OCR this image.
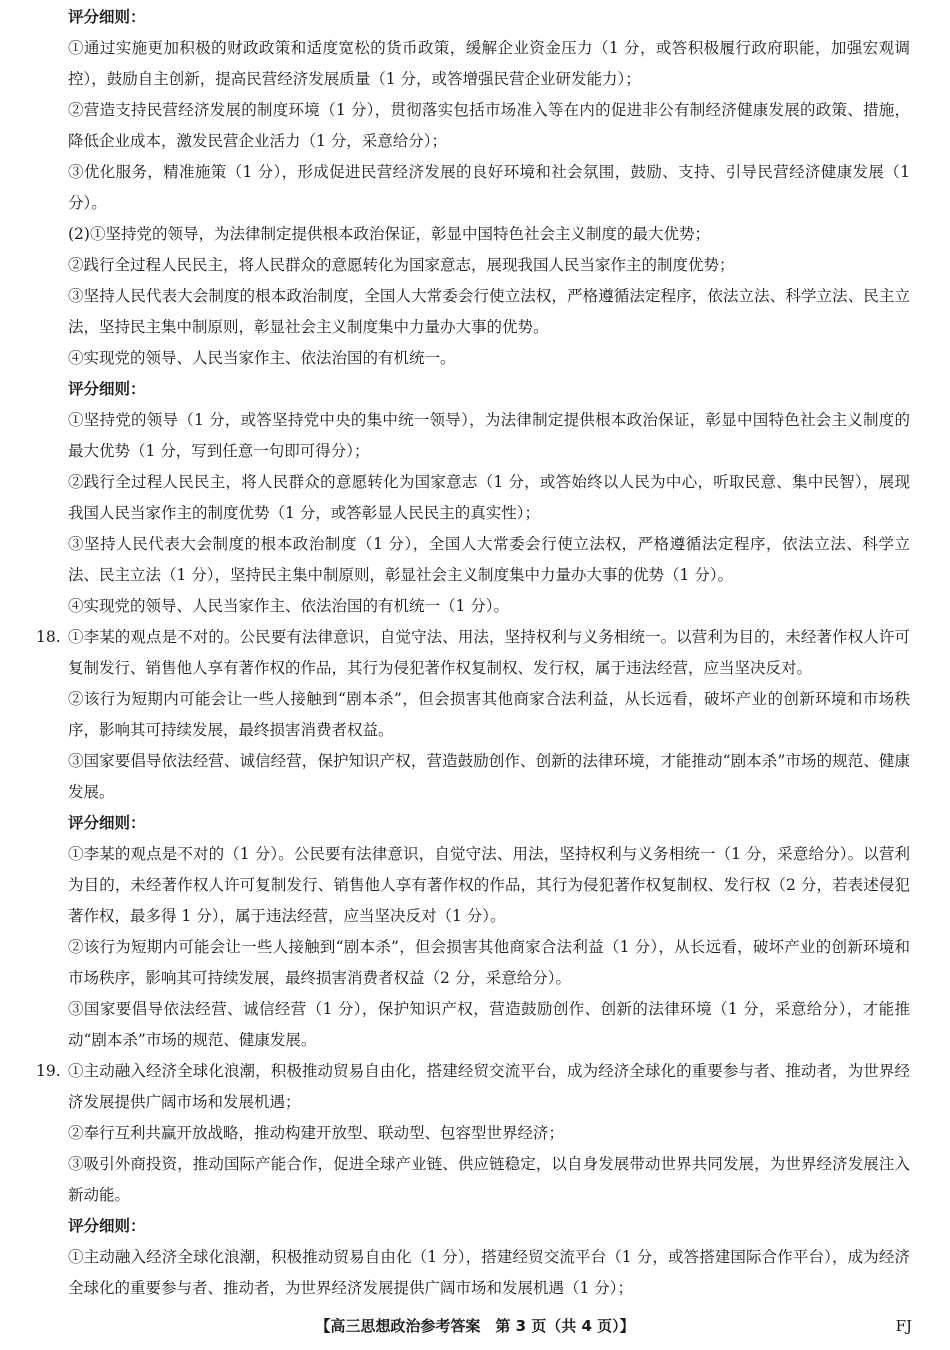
评分细则：

①通过实施更加积极的财政政策和适度宽松的货币政策，缓解企业资金压力（1 分，或答积极履行政府职能，加强宏观调控），鼓励自主创新，提高民营经济发展质量（1 分，或答增强民营企业研发能力）；

②营造支持民营经济发展的制度环境（1 分），贯彻落实包括市场准入等在内的促进非公有制经济健康发展的政策、措施，降低企业成本，激发民营企业活力（1 分，采意给分）；

③优化服务，精准施策（1 分），形成促进民营经济发展的良好环境和社会氛围，鼓励、支持、引导民营经济健康发展（1 分）。

(2)①坚持党的领导，为法律制定提供根本政治保证，彰显中国特色社会主义制度的最大优势；

②践行全过程人民民主，将人民群众的意愿转化为国家意志，展现我国人民当家作主的制度优势；

③坚持人民代表大会制度的根本政治制度，全国人大常委会行使立法权，严格遵循法定程序，依法立法、科学立法、民主立法，坚持民主集中制原则，彰显社会主义制度集中力量办大事的优势。

④实现党的领导、人民当家作主、依法治国的有机统一。

评分细则：

①坚持党的领导（1 分，或答坚持党中央的集中统一领导），为法律制定提供根本政治保证，彰显中国特色社会主义制度的最大优势（1 分，写到任意一句即可得分）；

②践行全过程人民民主，将人民群众的意愿转化为国家意志（1 分，或答始终以人民为中心，听取民意、集中民智），展现我国人民当家作主的制度优势（1 分，或答彰显人民民主的真实性）；

③坚持人民代表大会制度的根本政治制度（1 分），全国人大常委会行使立法权，严格遵循法定程序，依法立法、科学立法、民主立法（1 分），坚持民主集中制原则，彰显社会主义制度集中力量办大事的优势（1 分）。

④实现党的领导、人民当家作主、依法治国的有机统一（1 分）。

18. ①李某的观点是不对的。公民要有法律意识，自觉守法、用法，坚持权利与义务相统一。以营利为目的，未经著作权人许可复制发行、销售他人享有著作权的作品，其行为侵犯著作权复制权、发行权，属于违法经营，应当坚决反对。

②该行为短期内可能会让一些人接触到“剧本杀”，但会损害其他商家合法利益，从长远看，破坏产业的创新环境和市场秩序，影响其可持续发展，最终损害消费者权益。

③国家要倡导依法经营、诚信经营，保护知识产权，营造鼓励创作、创新的法律环境，才能推动“剧本杀”市场的规范、健康发展。

评分细则：

①李某的观点是不对的（1 分）。公民要有法律意识，自觉守法、用法，坚持权利与义务相统一（1 分，采意给分）。以营利为目的，未经著作权人许可复制发行、销售他人享有著作权的作品，其行为侵犯著作权复制权、发行权（2 分，若表述侵犯著作权，最多得 1 分），属于违法经营，应当坚决反对（1 分）。

②该行为短期内可能会让一些人接触到“剧本杀”，但会损害其他商家合法利益（1 分），从长远看，破坏产业的创新环境和市场秩序，影响其可持续发展，最终损害消费者权益（2 分，采意给分）。

③国家要倡导依法经营、诚信经营（1 分），保护知识产权，营造鼓励创作、创新的法律环境（1 分，采意给分），才能推动“剧本杀”市场的规范、健康发展。

19. ①主动融入经济全球化浪潮，积极推动贸易自由化，搭建经贸交流平台，成为经济全球化的重要参与者、推动者，为世界经济发展提供广阔市场和发展机遇；

②奉行互利共赢开放战略，推动构建开放型、联动型、包容型世界经济；

③吸引外商投资，推动国际产能合作，促进全球产业链、供应链稳定，以自身发展带动世界共同发展，为世界经济发展注入新动能。

评分细则：

①主动融入经济全球化浪潮，积极推动贸易自由化（1 分），搭建经贸交流平台（1 分，或答搭建国际合作平台），成为经济全球化的重要参与者、推动者，为世界经济发展提供广阔市场和发展机遇（1 分）；

【高三思想政治参考答案　第 3 页（共 4 页）】	FJ
